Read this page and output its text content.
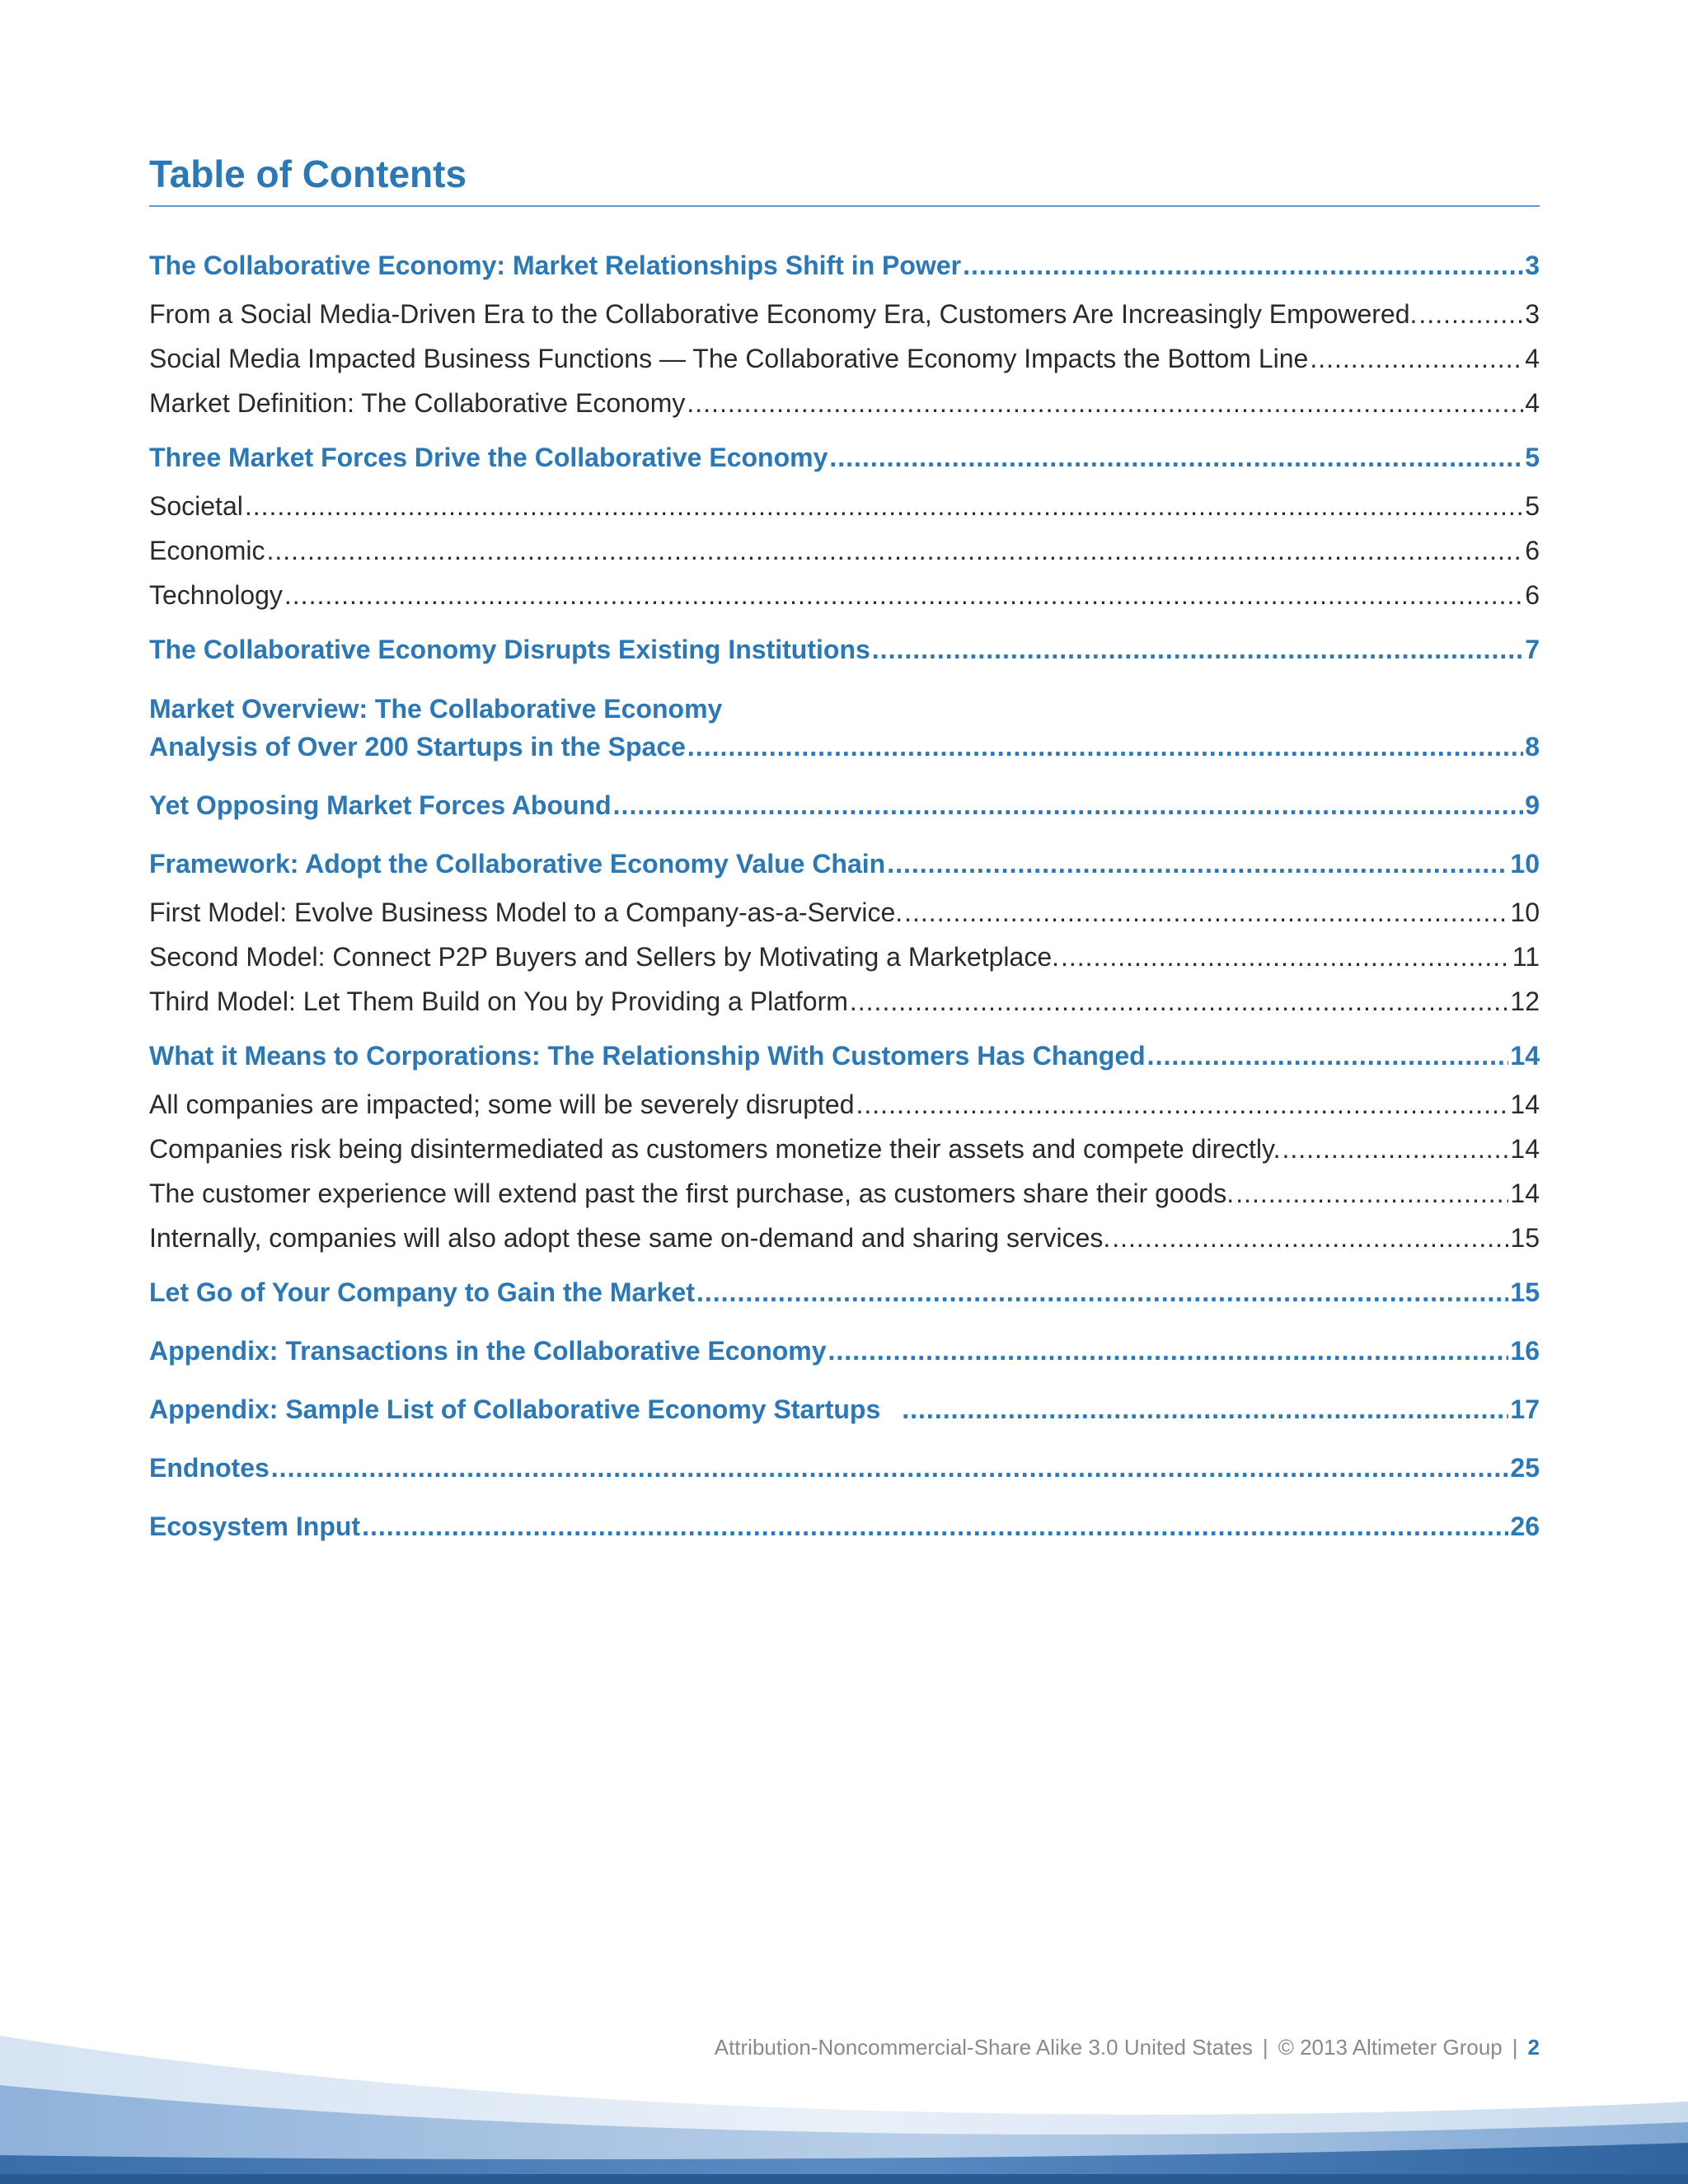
Table of Contents
The Collaborative Economy: Market Relationships Shift in Power .....	3
From a Social Media-Driven Era to the Collaborative Economy Era, Customers Are Increasingly Empowered. .....	3
Social Media Impacted Business Functions — The Collaborative Economy Impacts the Bottom Line .....	4
Market Definition: The Collaborative Economy .....	4
Three Market Forces Drive the Collaborative Economy .....	5
Societal .....	5
Economic .....	6
Technology .....	6
The Collaborative Economy Disrupts Existing Institutions .....	7
Market Overview: The Collaborative Economy
Analysis of Over 200 Startups in the Space .....	8
Yet Opposing Market Forces Abound .....	9
Framework: Adopt the Collaborative Economy Value Chain .....	10
First Model: Evolve Business Model to a Company-as-a-Service. .....	10
Second Model: Connect P2P Buyers and Sellers by Motivating a Marketplace. .....	11
Third Model: Let Them Build on You by Providing a Platform .....	12
What it Means to Corporations: The Relationship With Customers Has Changed .....	14
All companies are impacted; some will be severely disrupted .....	14
Companies risk being disintermediated as customers monetize their assets and compete directly. .....	14
The customer experience will extend past the first purchase, as customers share their goods. .....	14
Internally, companies will also adopt these same on-demand and sharing services. .....	15
Let Go of Your Company to Gain the Market .....	15
Appendix: Transactions in the Collaborative Economy .....	16
Appendix: Sample List of Collaborative Economy Startups .....	17
Endnotes .....	25
Ecosystem Input .....	26
Attribution-Noncommercial-Share Alike 3.0 United States | © 2013 Altimeter Group | 2
